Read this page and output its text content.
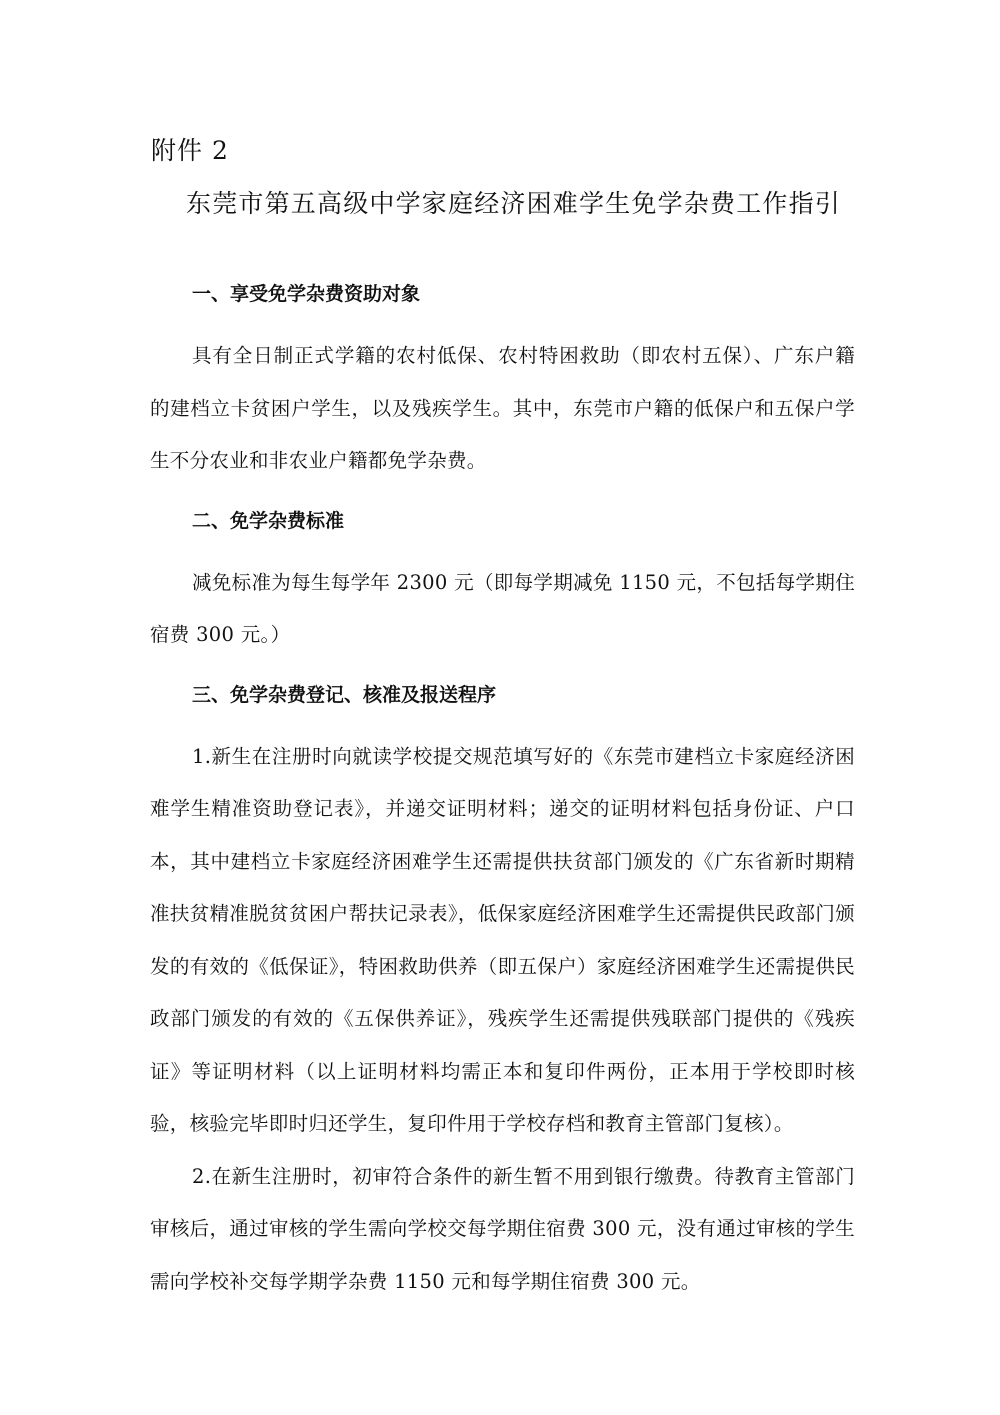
附件 2
东莞市第五高级中学家庭经济困难学生免学杂费工作指引

一、享受免学杂费资助对象

具有全日制正式学籍的农村低保、农村特困救助（即农村五保）、广东户籍的建档立卡贫困户学生，以及残疾学生。其中，东莞市户籍的低保户和五保户学生不分农业和非农业户籍都免学杂费。

二、免学杂费标准

减免标准为每生每学年 2300 元（即每学期减免 1150 元，不包括每学期住宿费 300 元。）

三、免学杂费登记、核准及报送程序

1.新生在注册时向就读学校提交规范填写好的《东莞市建档立卡家庭经济困难学生精准资助登记表》，并递交证明材料；递交的证明材料包括身份证、户口本，其中建档立卡家庭经济困难学生还需提供扶贫部门颁发的《广东省新时期精准扶贫精准脱贫贫困户帮扶记录表》，低保家庭经济困难学生还需提供民政部门颁发的有效的《低保证》，特困救助供养（即五保户）家庭经济困难学生还需提供民政部门颁发的有效的《五保供养证》，残疾学生还需提供残联部门提供的《残疾证》等证明材料（以上证明材料均需正本和复印件两份，正本用于学校即时核验，核验完毕即时归还学生，复印件用于学校存档和教育主管部门复核）。

2.在新生注册时，初审符合条件的新生暂不用到银行缴费。待教育主管部门审核后，通过审核的学生需向学校交每学期住宿费 300 元，没有通过审核的学生需向学校补交每学期学杂费 1150 元和每学期住宿费 300 元。
